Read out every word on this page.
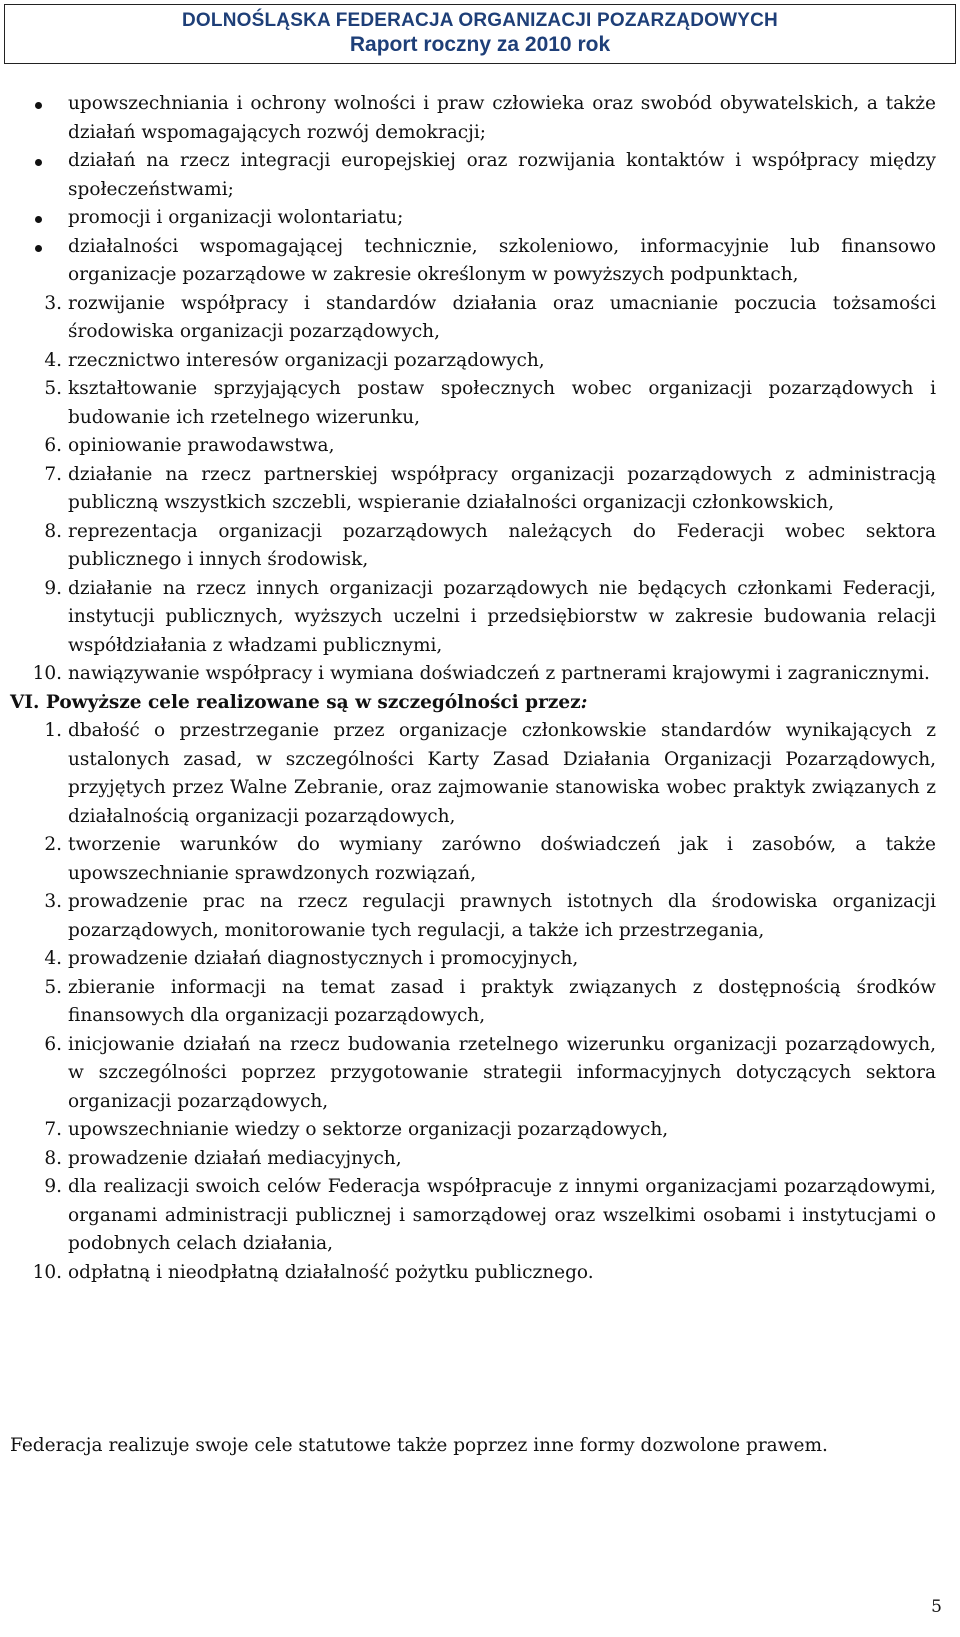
DOLNOŚLĄSKA FEDERACJA ORGANIZACJI POZARZĄDOWYCH
Raport roczny za 2010 rok
upowszechniania i ochrony wolności i praw człowieka oraz swobód obywatelskich, a także działań wspomagających rozwój demokracji;
działań na rzecz integracji europejskiej oraz rozwijania kontaktów i współpracy między społeczeństwami;
promocji i organizacji wolontariatu;
działalności wspomagającej technicznie, szkoleniowo, informacyjnie lub finansowo organizacje pozarządowe w zakresie określonym w powyższych podpunktach,
3. rozwijanie współpracy i standardów działania oraz umacnianie poczucia tożsamości środowiska organizacji pozarządowych,
4. rzecznictwo interesów organizacji pozarządowych,
5. kształtowanie sprzyjających postaw społecznych wobec organizacji pozarządowych i budowanie ich rzetelnego wizerunku,
6. opiniowanie prawodawstwa,
7. działanie na rzecz partnerskiej współpracy organizacji pozarządowych z administracją publiczną wszystkich szczebli, wspieranie działalności organizacji członkowskich,
8. reprezentacja organizacji pozarządowych należących do Federacji wobec sektora publicznego i innych środowisk,
9. działanie na rzecz innych organizacji pozarządowych nie będących członkami Federacji, instytucji publicznych, wyższych uczelni i przedsiębiorstw w zakresie budowania relacji współdziałania z władzami publicznymi,
10. nawiązywanie współpracy i wymiana doświadczeń z partnerami krajowymi i zagranicznymi.
VI. Powyższe cele realizowane są w szczególności przez:
1. dbałość o przestrzeganie przez organizacje członkowskie standardów wynikających z ustalonych zasad, w szczególności Karty Zasad Działania Organizacji Pozarządowych, przyjętych przez Walne Zebranie, oraz zajmowanie stanowiska wobec praktyk związanych z działalnością organizacji pozarządowych,
2. tworzenie warunków do wymiany zarówno doświadczeń jak i zasobów, a także upowszechnianie sprawdzonych rozwiązań,
3. prowadzenie prac na rzecz regulacji prawnych istotnych dla środowiska organizacji pozarządowych, monitorowanie tych regulacji, a także ich przestrzegania,
4. prowadzenie działań diagnostycznych i promocyjnych,
5. zbieranie informacji na temat zasad i praktyk związanych z dostępnością środków finansowych dla organizacji pozarządowych,
6. inicjowanie działań na rzecz budowania rzetelnego wizerunku organizacji pozarządowych, w szczególności poprzez przygotowanie strategii informacyjnych dotyczących sektora organizacji pozarządowych,
7. upowszechnianie wiedzy o sektorze organizacji pozarządowych,
8. prowadzenie działań mediacyjnych,
9. dla realizacji swoich celów Federacja współpracuje z innymi organizacjami pozarządowymi, organami administracji publicznej i samorządowej oraz wszelkimi osobami i instytucjami o podobnych celach działania,
10. odpłatną i nieodpłatną działalność pożytku publicznego.
Federacja realizuje swoje cele statutowe także poprzez inne formy dozwolone prawem.
5
